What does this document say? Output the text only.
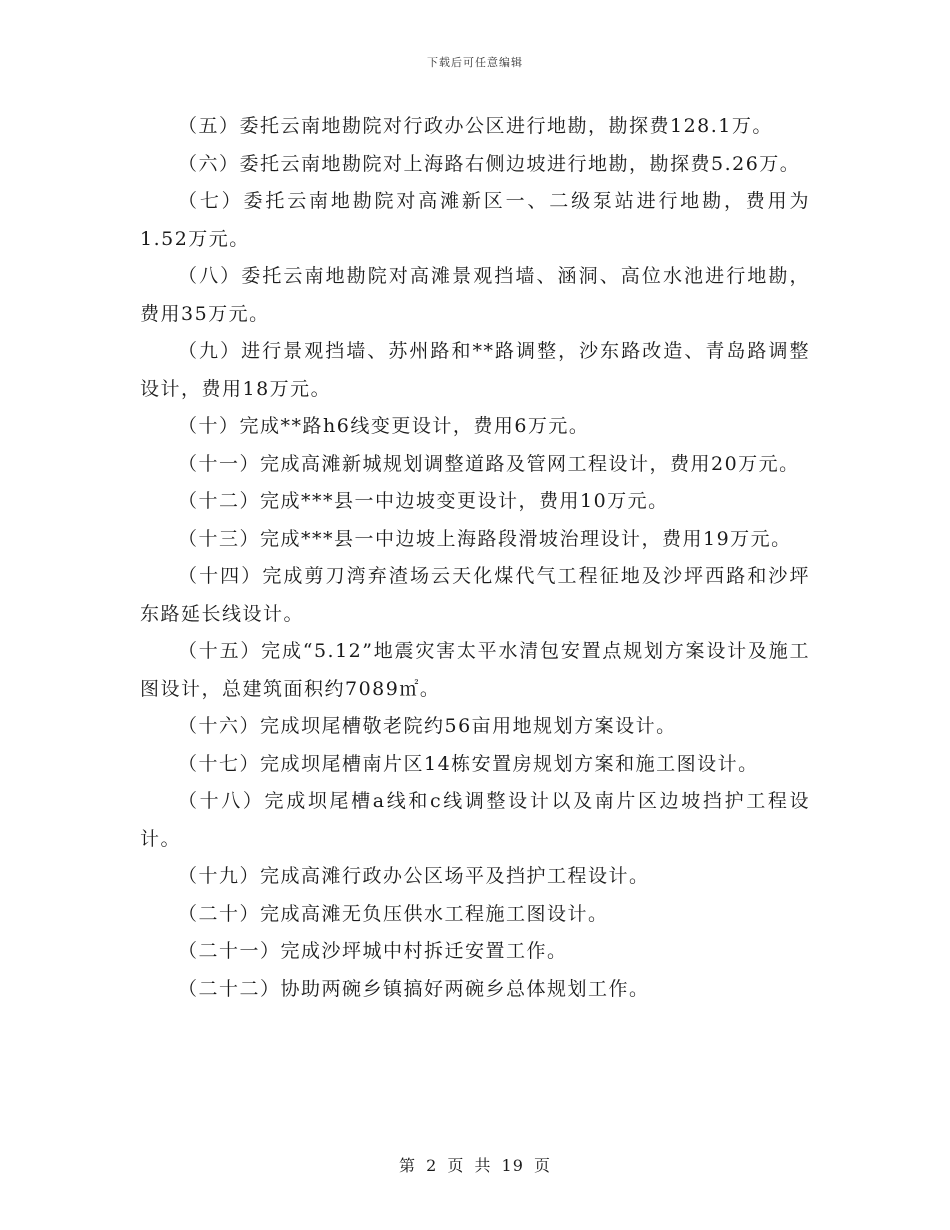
下载后可任意编辑

（五）委托云南地勘院对行政办公区进行地勘，勘探费128.1万。

（六）委托云南地勘院对上海路右侧边坡进行地勘，勘探费5.26万。

（七）委托云南地勘院对高滩新区一、二级泵站进行地勘，费用为1.52万元。

（八）委托云南地勘院对高滩景观挡墙、涵洞、高位水池进行地勘，费用35万元。

（九）进行景观挡墙、苏州路和**路调整，沙东路改造、青岛路调整设计，费用18万元。

（十）完成**路h6线变更设计，费用6万元。

（十一）完成高滩新城规划调整道路及管网工程设计，费用20万元。

（十二）完成***县一中边坡变更设计，费用10万元。

（十三）完成***县一中边坡上海路段滑坡治理设计，费用19万元。

（十四）完成剪刀湾弃渣场云天化煤代气工程征地及沙坪西路和沙坪东路延长线设计。

（十五）完成“5.12”地震灾害太平水清包安置点规划方案设计及施工图设计，总建筑面积约7089㎡。

（十六）完成坝尾槽敬老院约56亩用地规划方案设计。

（十七）完成坝尾槽南片区14栋安置房规划方案和施工图设计。

（十八）完成坝尾槽a线和c线调整设计以及南片区边坡挡护工程设计。

（十九）完成高滩行政办公区场平及挡护工程设计。

（二十）完成高滩无负压供水工程施工图设计。

（二十一）完成沙坪城中村拆迁安置工作。

（二十二）协助两碗乡镇搞好两碗乡总体规划工作。

第 2 页 共 19 页
